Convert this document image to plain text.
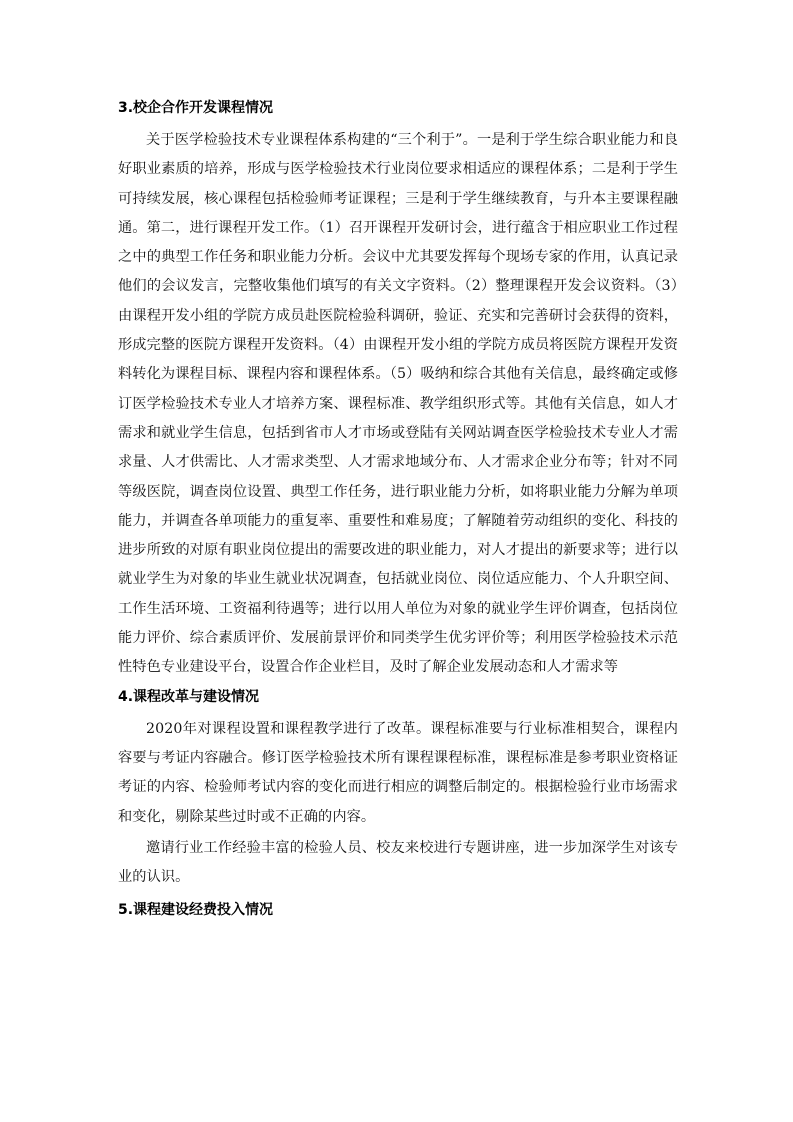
3.校企合作开发课程情况

关于医学检验技术专业课程体系构建的“三个利于”。一是利于学生综合职业能力和良好职业素质的培养，形成与医学检验技术行业岗位要求相适应的课程体系；二是利于学生可持续发展，核心课程包括检验师考证课程；三是利于学生继续教育，与升本主要课程融通。第二，进行课程开发工作。（1）召开课程开发研讨会，进行蕴含于相应职业工作过程之中的典型工作任务和职业能力分析。会议中尤其要发挥每个现场专家的作用，认真记录他们的会议发言，完整收集他们填写的有关文字资料。（2）整理课程开发会议资料。（3）由课程开发小组的学院方成员赴医院检验科调研，验证、充实和完善研讨会获得的资料，形成完整的医院方课程开发资料。（4）由课程开发小组的学院方成员将医院方课程开发资料转化为课程目标、课程内容和课程体系。（5）吸纳和综合其他有关信息，最终确定或修订医学检验技术专业人才培养方案、课程标准、教学组织形式等。其他有关信息，如人才需求和就业学生信息，包括到省市人才市场或登陆有关网站调查医学检验技术专业人才需求量、人才供需比、人才需求类型、人才需求地域分布、人才需求企业分布等；针对不同等级医院，调查岗位设置、典型工作任务，进行职业能力分析，如将职业能力分解为单项能力，并调查各单项能力的重复率、重要性和难易度；了解随着劳动组织的变化、科技的进步所致的对原有职业岗位提出的需要改进的职业能力，对人才提出的新要求等；进行以就业学生为对象的毕业生就业状况调查，包括就业岗位、岗位适应能力、个人升职空间、工作生活环境、工资福利待遇等；进行以用人单位为对象的就业学生评价调查，包括岗位能力评价、综合素质评价、发展前景评价和同类学生优劣评价等；利用医学检验技术示范性特色专业建设平台，设置合作企业栏目，及时了解企业发展动态和人才需求等

4.课程改革与建设情况

2020年对课程设置和课程教学进行了改革。课程标准要与行业标准相契合，课程内容要与考证内容融合。修订医学检验技术所有课程课程标准，课程标准是参考职业资格证考证的内容、检验师考试内容的变化而进行相应的调整后制定的。根据检验行业市场需求和变化，剔除某些过时或不正确的内容。

邀请行业工作经验丰富的检验人员、校友来校进行专题讲座，进一步加深学生对该专业的认识。

5.课程建设经费投入情况
